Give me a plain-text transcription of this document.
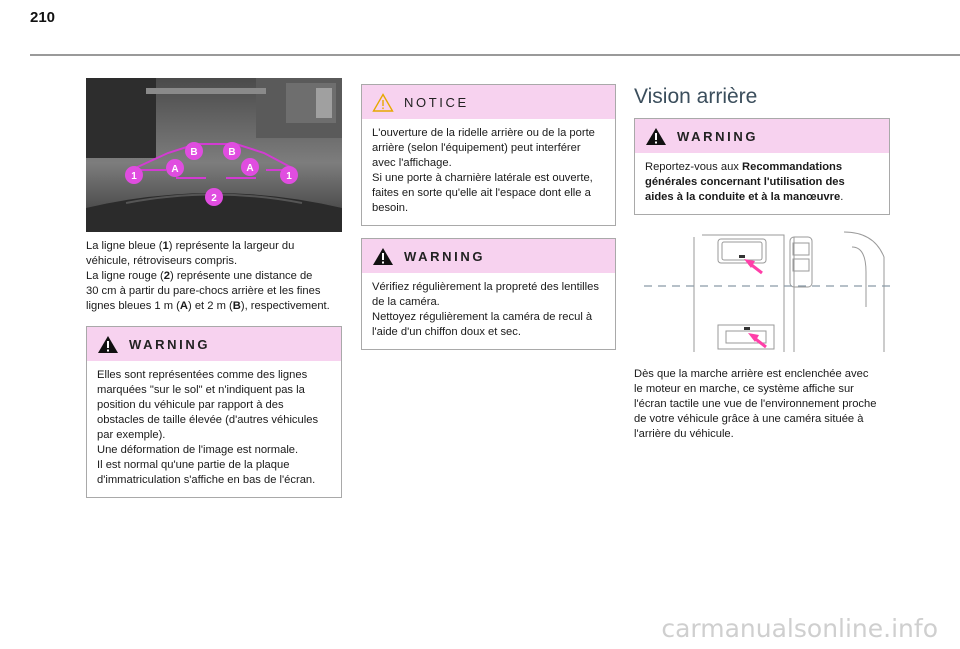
210
B	B
A	A
1	1
2

La ligne bleue (1) représente la largeur du

véhicule, rétroviseurs compris.

La ligne rouge (2) représente une distance de

30 cm à partir du pare-chocs arrière et les fines

lignes bleues 1 m (A) et 2 m (B), respectivement.

WARNING

Elles sont représentées comme des lignes

marquées "sur le sol" et n'indiquent pas la

position du véhicule par rapport à des

obstacles de taille élevée (d'autres véhicules

par exemple).

Une déformation de l'image est normale.

Il est normal qu'une partie de la plaque

d'immatriculation s'affiche en bas de l'écran.

NOTICE

L'ouverture de la ridelle arrière ou de la porte

arrière (selon l'équipement) peut interférer

avec l'affichage.

Si une porte à charnière latérale est ouverte,

faites en sorte qu'elle ait l'espace dont elle a

besoin.

WARNING

Vérifiez régulièrement la propreté des lentilles

de la caméra.

Nettoyez régulièrement la caméra de recul à

l'aide d'un chiffon doux et sec.

Vision arrière
WARNING

Reportez-vous aux Recommandations

générales concernant l'utilisation des

aides à la conduite et à la manœuvre.

Dès que la marche arrière est enclenchée avec

le moteur en marche, ce système affiche sur

l'écran tactile une vue de l'environnement proche

de votre véhicule grâce à une caméra située à

l'arrière du véhicule.

carmanualsonline.info
